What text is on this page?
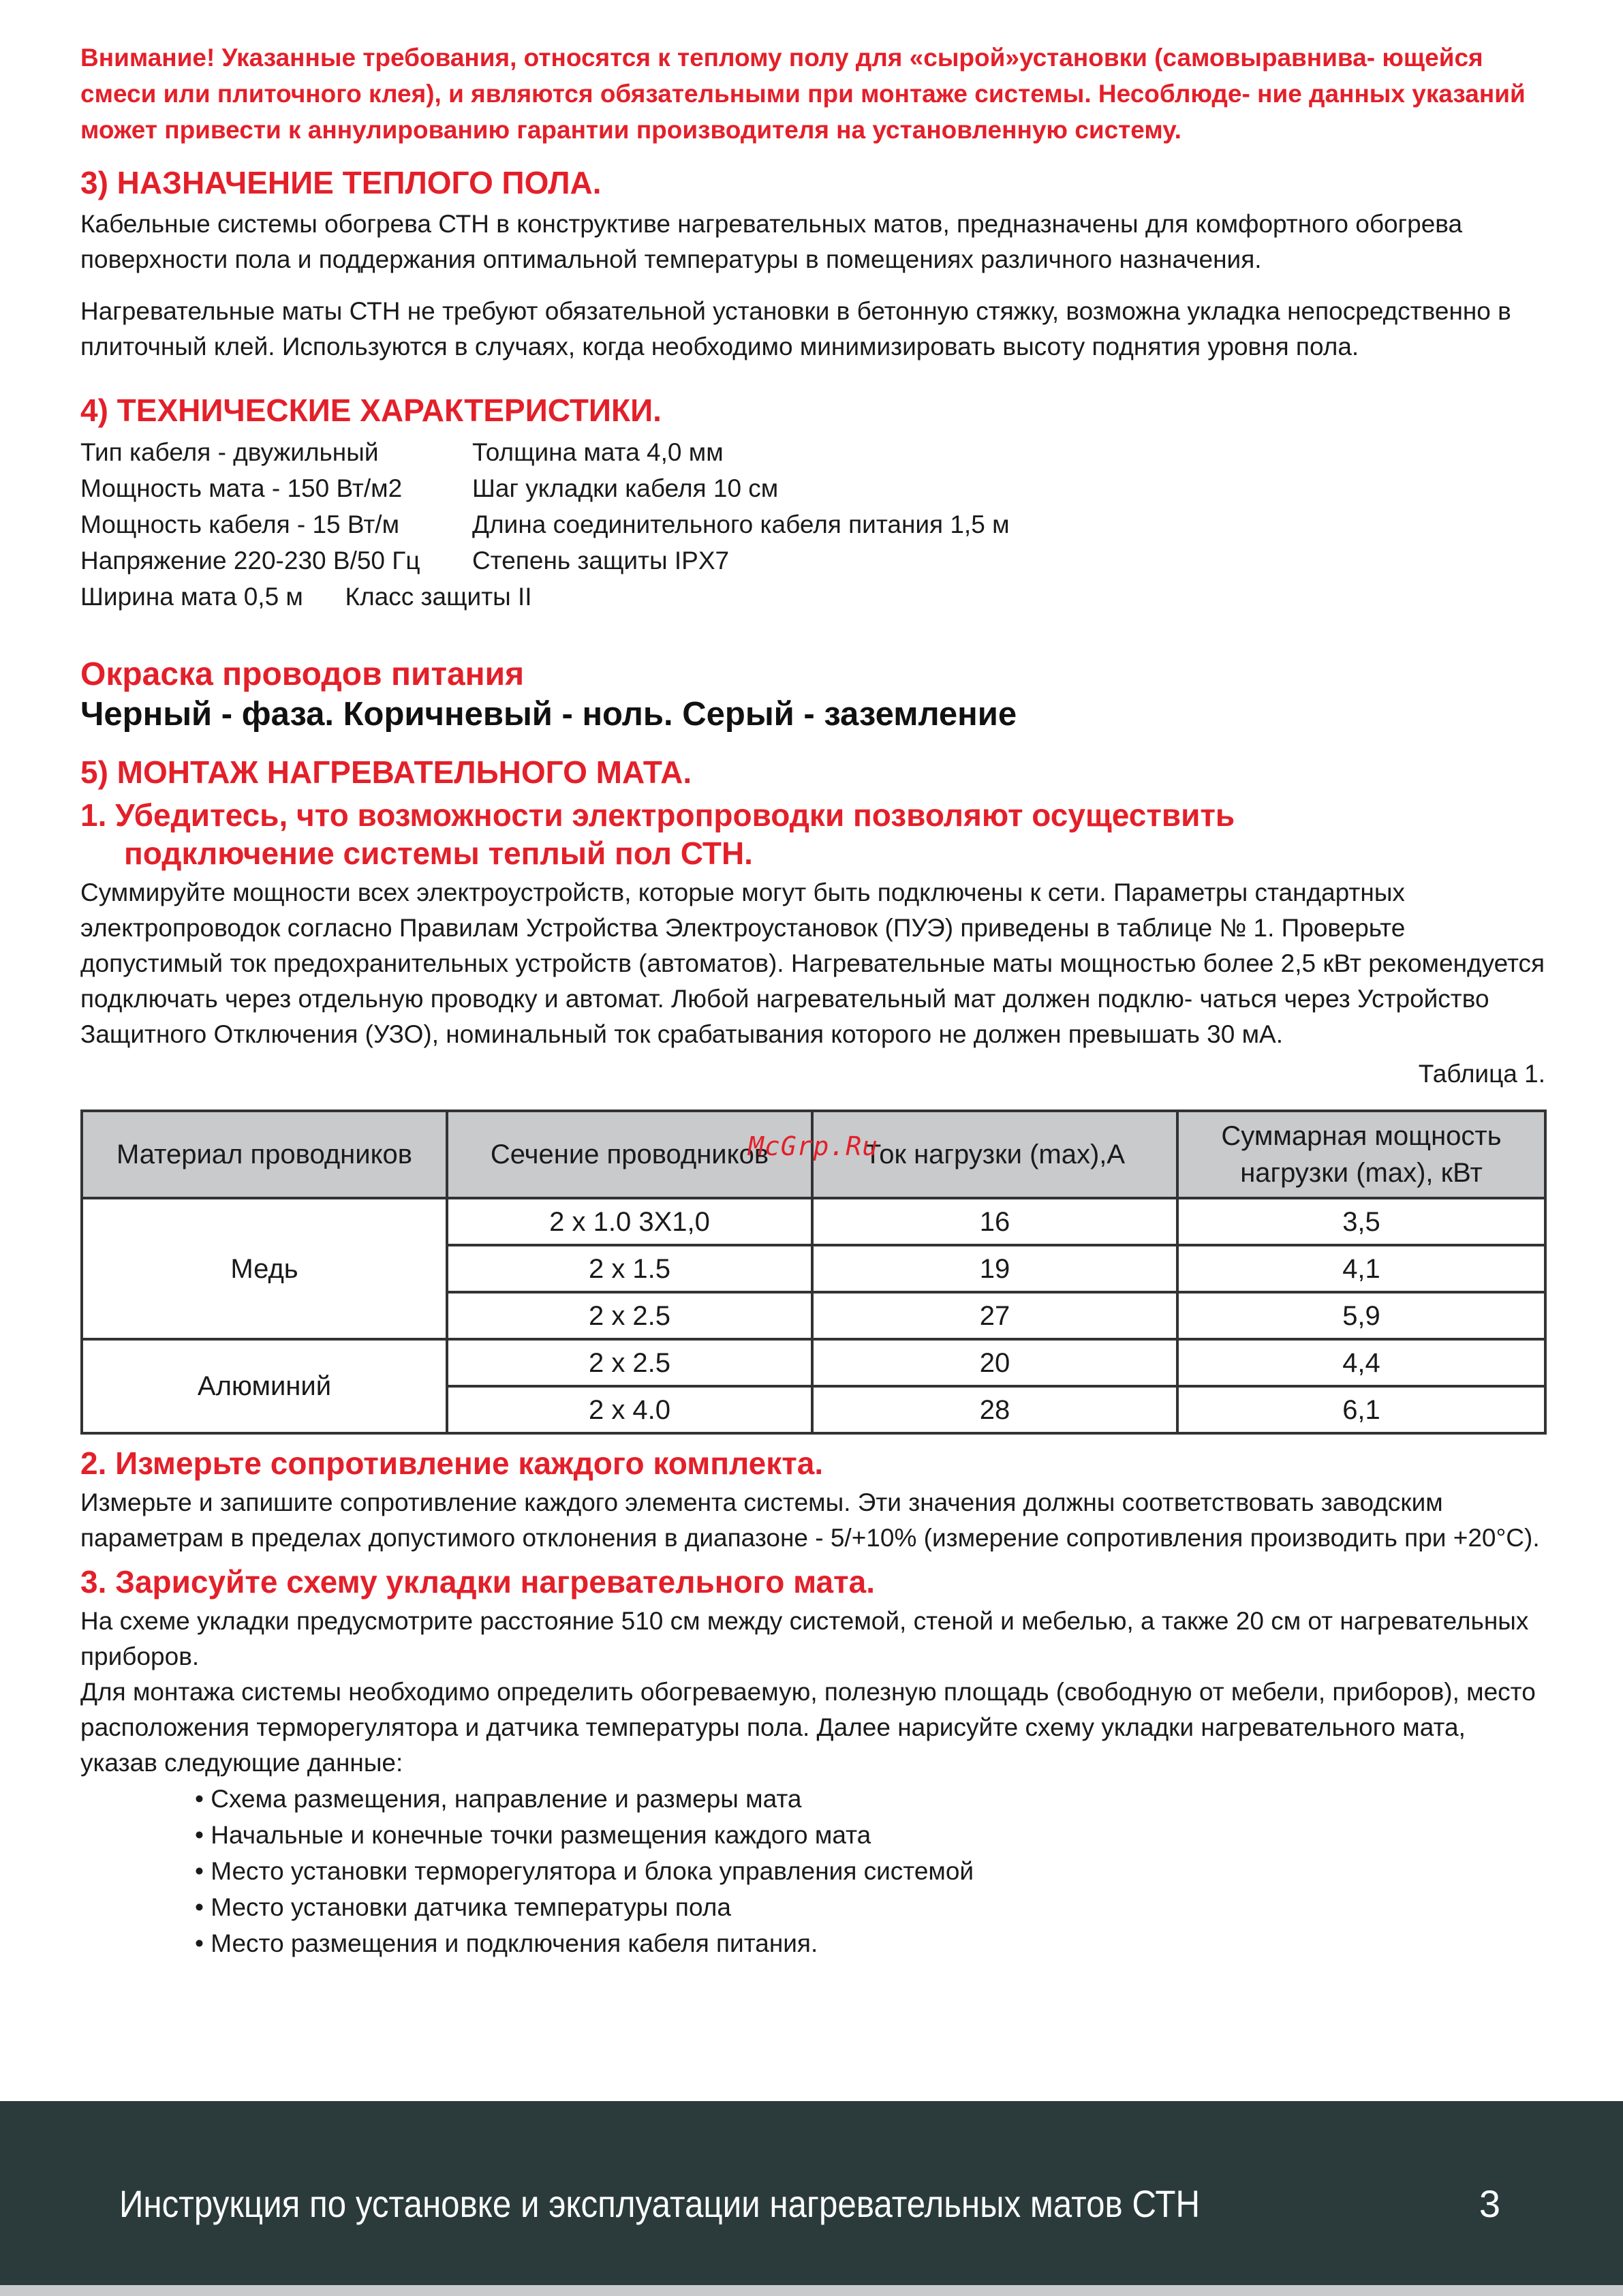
Внимание! Указанные требования, относятся к теплому полу для «сырой»установки (самовыравнива- ющейся смеси или плиточного клея), и являются обязательными при монтаже системы. Несоблюде- ние данных указаний может привести к аннулированию гарантии производителя на установленную систему.

3) НАЗНАЧЕНИЕ ТЕПЛОГО ПОЛА.

Кабельные системы обогрева СТН в конструктиве нагревательных матов, предназначены для комфортного обогрева поверхности пола и поддержания оптимальной температуры в помещениях различного назначения.

Нагревательные маты СТН не требуют обязательной установки в бетонную стяжку, возможна укладка непосредственно в плиточный клей. Используются в случаях, когда необходимо минимизировать высоту поднятия уровня пола.

4) ТЕХНИЧЕСКИЕ ХАРАКТЕРИСТИКИ.
Тип кабеля - двужильный	Толщина мата 4,0 мм
Мощность мата - 150 Вт/м2	Шаг укладки кабеля 10 см
Мощность кабеля - 15 Вт/м	Длина соединительного кабеля питания 1,5 м
Напряжение 220-230 В/50 Гц	Степень защиты IPX7
Ширина мата 0,5 м      Класс защиты II
Окраска проводов питания
Черный - фаза. Коричневый - ноль. Серый - заземление
5) МОНТАЖ НАГРЕВАТЕЛЬНОГО МАТА.
1. Убедитесь, что возможности электропроводки позволяют осуществить
подключение системы теплый пол СТН.

Суммируйте мощности всех электроустройств, которые могут быть подключены к сети. Параметры стандартных электропроводок согласно Правилам Устройства Электроустановок (ПУЭ) приведены в таблице № 1. Проверьте допустимый ток предохранительных устройств (автоматов). Нагревательные маты мощностью более 2,5 кВт рекомендуется подключать через отдельную проводку и автомат. Любой нагревательный мат должен подклю- чаться через Устройство Защитного Отключения (УЗО), номинальный ток срабатывания которого не должен превышать 30 мА.

Таблица 1.
Материал проводников	Сечение проводников	Ток нагрузки (max),А	Суммарная мощность нагрузки (max), кВт
Медь	2 x 1.0 3X1,0	16	3,5
	2 x 1.5	19	4,1
	2 x 2.5	27	5,9
Алюминий	2 x 2.5	20	4,4
	2 x 4.0	28	6,1
2. Измерьте сопротивление каждого комплекта.

Измерьте и запишите сопротивление каждого элемента системы. Эти значения должны соответствовать заводским параметрам в пределах допустимого отклонения в диапазоне - 5/+10% (измерение сопротивления производить при +20°С).

3. Зарисуйте схему укладки нагревательного мата.

На схеме укладки предусмотрите расстояние 510 см между системой, стеной и мебелью, а также 20 см от нагревательных приборов.

Для монтажа системы необходимо определить обогреваемую, полезную площадь (свободную от мебели, приборов), место расположения терморегулятора и датчика температуры пола. Далее нарисуйте схему укладки нагревательного мата, указав следующие данные:

• Схема размещения, направление и размеры мата
• Начальные и конечные точки размещения каждого мата
• Место установки терморегулятора и блока управления системой
• Место установки датчика температуры пола
• Место размещения и подключения кабеля питания.
McGrp.Ru
Инструкция по установке и эксплуатации нагревательных матов СТН	3
